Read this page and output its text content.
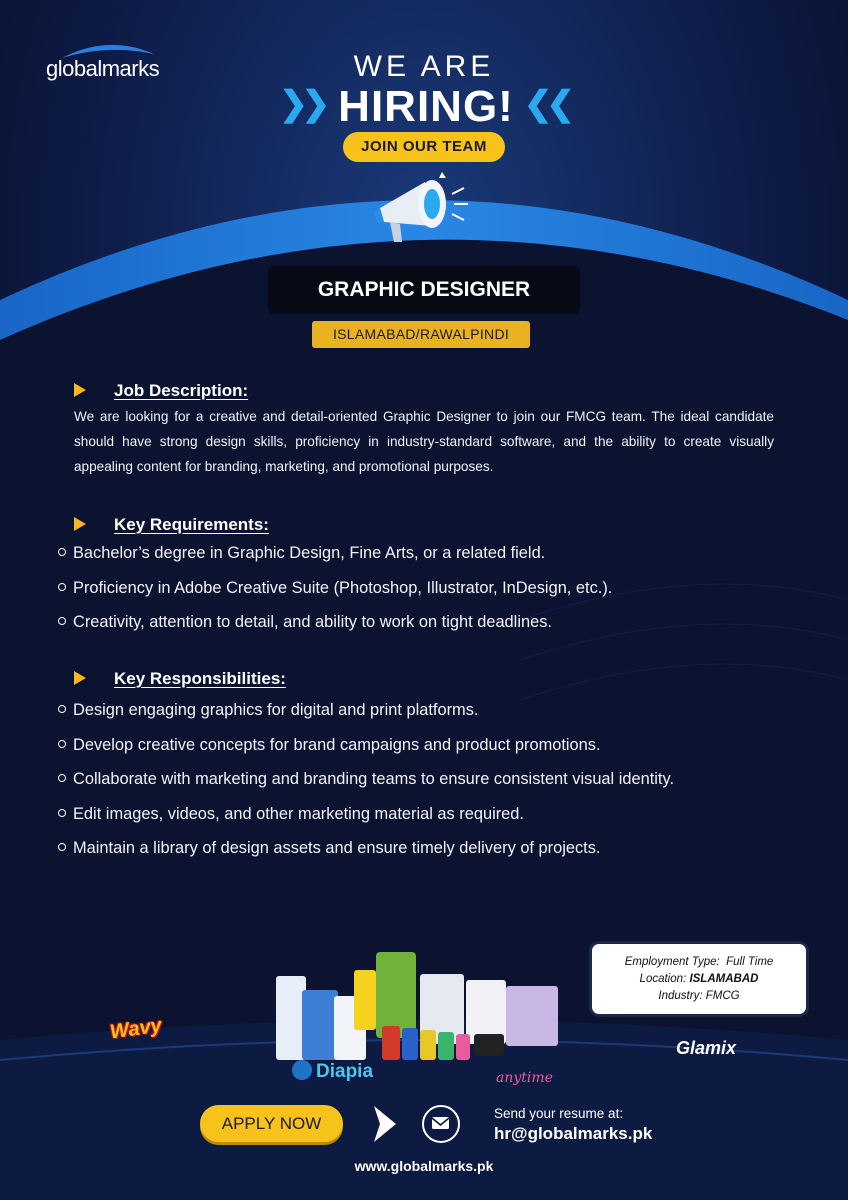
globalmarks	WE ARE
❯❯ HIRING! ❮❮
JOIN OUR TEAM
GRAPHIC DESIGNER
ISLAMABAD/RAWALPINDI
Job Description:

We are looking for a creative and detail-oriented Graphic Designer to join our FMCG team. The ideal candidate should have strong design skills, proficiency in industry-standard software, and the ability to create visually appealing content for branding, marketing, and promotional purposes.

Key Requirements:
Bachelor’s degree in Graphic Design, Fine Arts, or a related field.
Proficiency in Adobe Creative Suite (Photoshop, Illustrator, InDesign, etc.).
Creativity, attention to detail, and ability to work on tight deadlines.
Key Responsibilities:
Design engaging graphics for digital and print platforms.
Develop creative concepts for brand campaigns and product promotions.
Collaborate with marketing and branding teams to ensure consistent visual identity.
Edit images, videos, and other marketing material as required.
Maintain a library of design assets and ensure timely delivery of projects.
Employment Type: Full Time
Location: ISLAMABAD
Industry: FMCG
Wavy
Diapia	anytime
Glamix
APPLY NOW
Send your resume at:
hr@globalmarks.pk
www.globalmarks.pk
